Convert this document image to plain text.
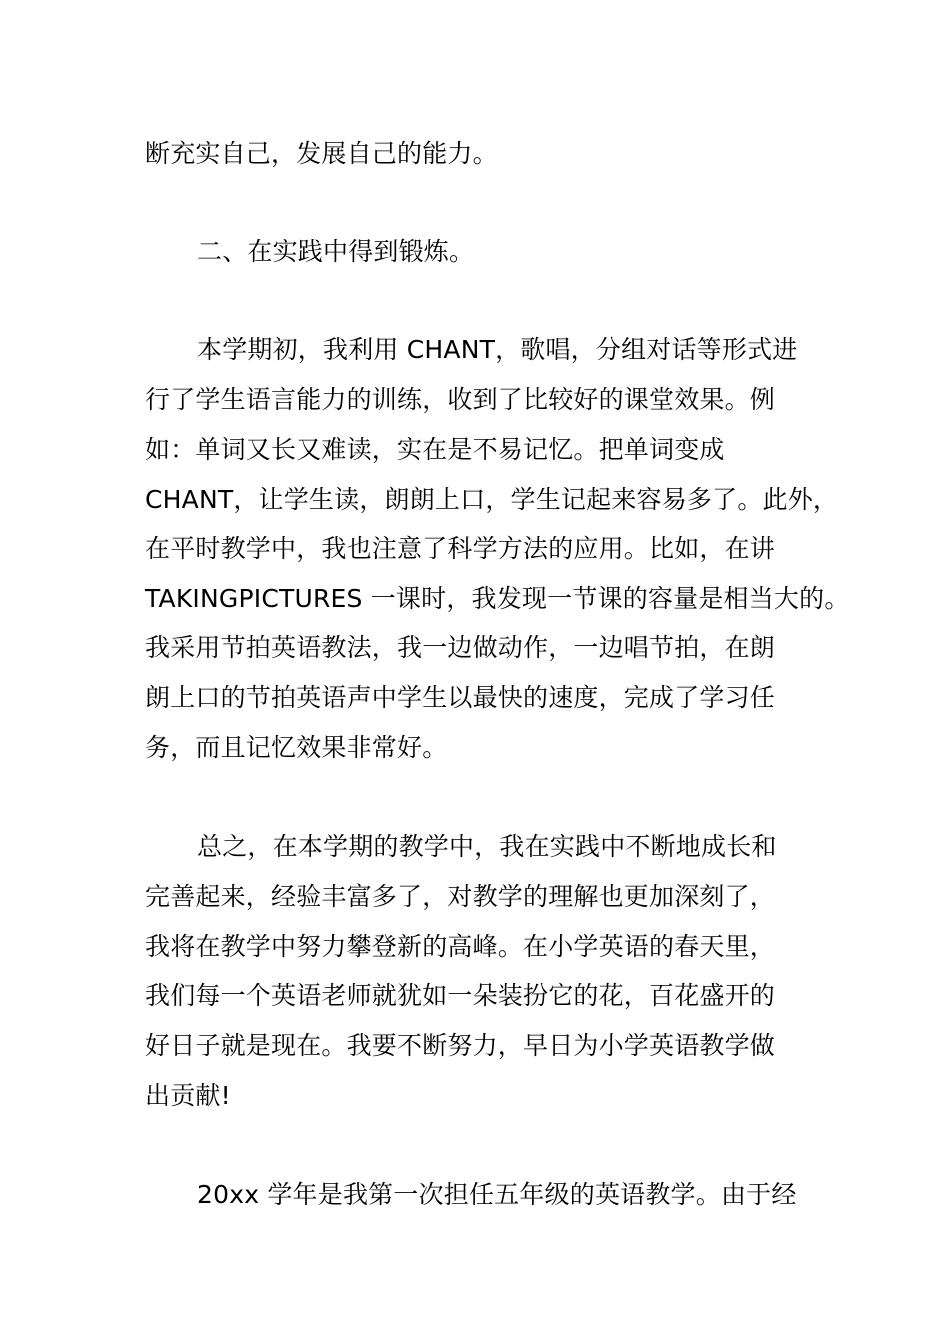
断充实自己，发展自己的能力。
二、在实践中得到锻炼。
本学期初，我利用 CHANT，歌唱，分组对话等形式进
行了学生语言能力的训练，收到了比较好的课堂效果。例
如：单词又长又难读，实在是不易记忆。把单词变成
CHANT，让学生读，朗朗上口，学生记起来容易多了。此外，
在平时教学中，我也注意了科学方法的应用。比如，在讲
TAKINGPICTURES 一课时，我发现一节课的容量是相当大的。
我采用节拍英语教法，我一边做动作，一边唱节拍，在朗
朗上口的节拍英语声中学生以最快的速度，完成了学习任
务，而且记忆效果非常好。
总之，在本学期的教学中，我在实践中不断地成长和
完善起来，经验丰富多了，对教学的理解也更加深刻了，
我将在教学中努力攀登新的高峰。在小学英语的春天里，
我们每一个英语老师就犹如一朵装扮它的花，百花盛开的
好日子就是现在。我要不断努力，早日为小学英语教学做
出贡献!
20xx 学年是我第一次担任五年级的英语教学。由于经
